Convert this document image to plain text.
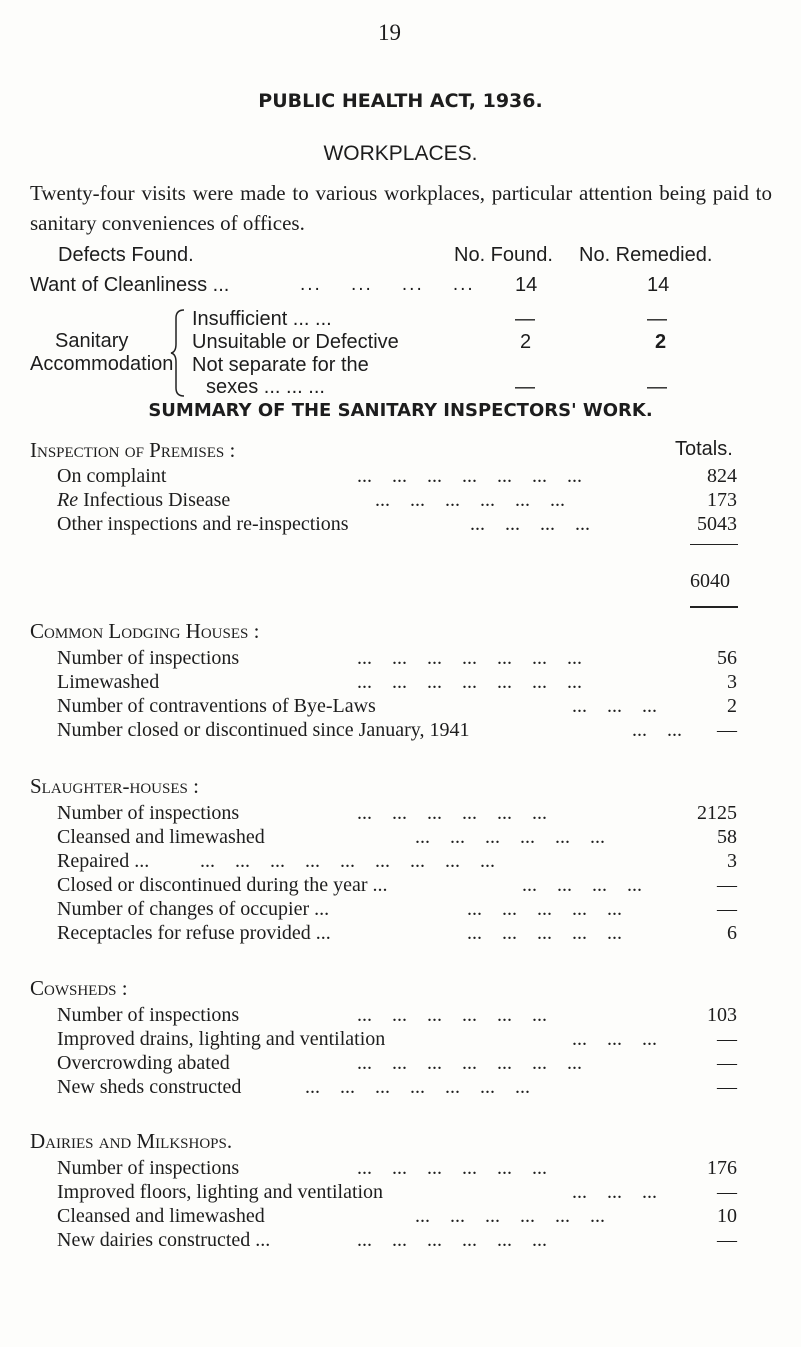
19
PUBLIC HEALTH ACT, 1936.
WORKPLACES.
Twenty-four visits were made to various workplaces, particular attention being paid to sanitary conveniences of offices.
Defects Found.	No. Found. No. Remedied.
Want of Cleanliness ...	...    ...    ...    ... 14	14
Sanitary
Accommodation
Insufficient ... ...	—	—
Unsuitable or Defective	2	2
Not separate for the
sexes ... ... ...	—	—
SUMMARY OF THE SANITARY INSPECTORS' WORK.
Inspection of Premises :	Totals.
On complaint	...    ...    ...    ...    ...    ...    ...	824
Re Infectious Disease	...    ...    ...    ...    ...    ...	173
Other inspections and re-inspections	...    ...    ...    ...	5043
6040
Common Lodging Houses :
Number of inspections	...    ...    ...    ...    ...    ...    ...	56
Limewashed	...    ...    ...    ...    ...    ...    ...	3
Number of contraventions of Bye-Laws	...    ...    ...	2
Number closed or discontinued since January, 1941	...    ... —
Slaughter-houses :
Number of inspections	...    ...    ...    ...    ...    ...	2125
Cleansed and limewashed	...    ...    ...    ...    ...    ...	58
Repaired ...	...    ...    ...    ...    ...    ...    ...    ...    ...	3
Closed or discontinued during the year ...	...    ...    ...    ...	—
Number of changes of occupier ...	...    ...    ...    ...    ...	—
Receptacles for refuse provided ...	...    ...    ...    ...    ...	6
Cowsheds :
Number of inspections	...    ...    ...    ...    ...    ...	103
Improved drains, lighting and ventilation	...    ...    ...	—
Overcrowding abated	...    ...    ...    ...    ...    ...    ...	—
New sheds constructed	...    ...    ...    ...    ...    ...    ...	—
Dairies and Milkshops.
Number of inspections	...    ...    ...    ...    ...    ...	176
Improved floors, lighting and ventilation	...    ...    ...	—
Cleansed and limewashed	...    ...    ...    ...    ...    ...	10
New dairies constructed ...	...    ...    ...    ...    ...    ...	—
